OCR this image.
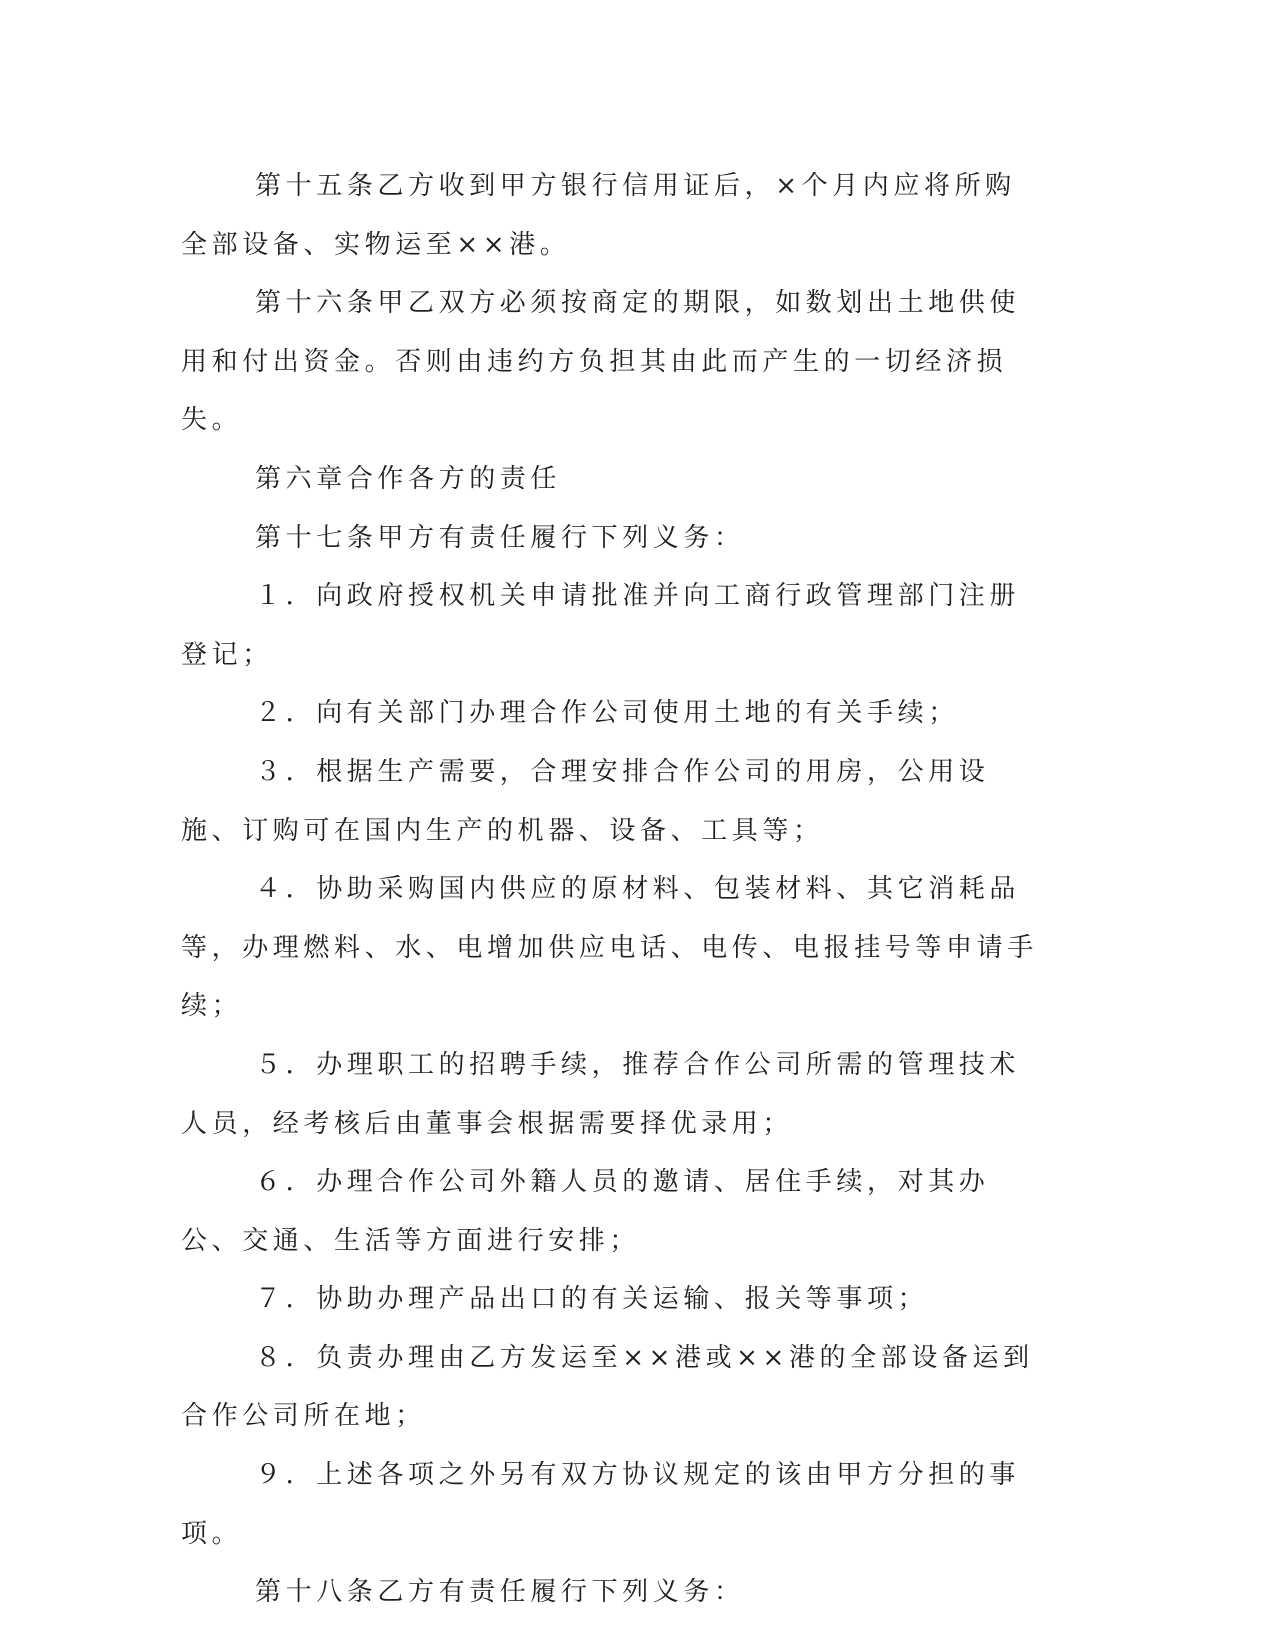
第十五条乙方收到甲方银行信用证后，×个月内应将所购全部设备、实物运至××港。

第十六条甲乙双方必须按商定的期限，如数划出土地供使用和付出资金。否则由违约方负担其由此而产生的一切经济损失。

第六章合作各方的责任

第十七条甲方有责任履行下列义务：

１．向政府授权机关申请批准并向工商行政管理部门注册登记；

２．向有关部门办理合作公司使用土地的有关手续；

３．根据生产需要，合理安排合作公司的用房，公用设施、订购可在国内生产的机器、设备、工具等；

４．协助采购国内供应的原材料、包装材料、其它消耗品等，办理燃料、水、电增加供应电话、电传、电报挂号等申请手续；

５．办理职工的招聘手续，推荐合作公司所需的管理技术人员，经考核后由董事会根据需要择优录用；

６．办理合作公司外籍人员的邀请、居住手续，对其办公、交通、生活等方面进行安排；

７．协助办理产品出口的有关运输、报关等事项；

８．负责办理由乙方发运至××港或××港的全部设备运到合作公司所在地；

９．上述各项之外另有双方协议规定的该由甲方分担的事项。

第十八条乙方有责任履行下列义务：
